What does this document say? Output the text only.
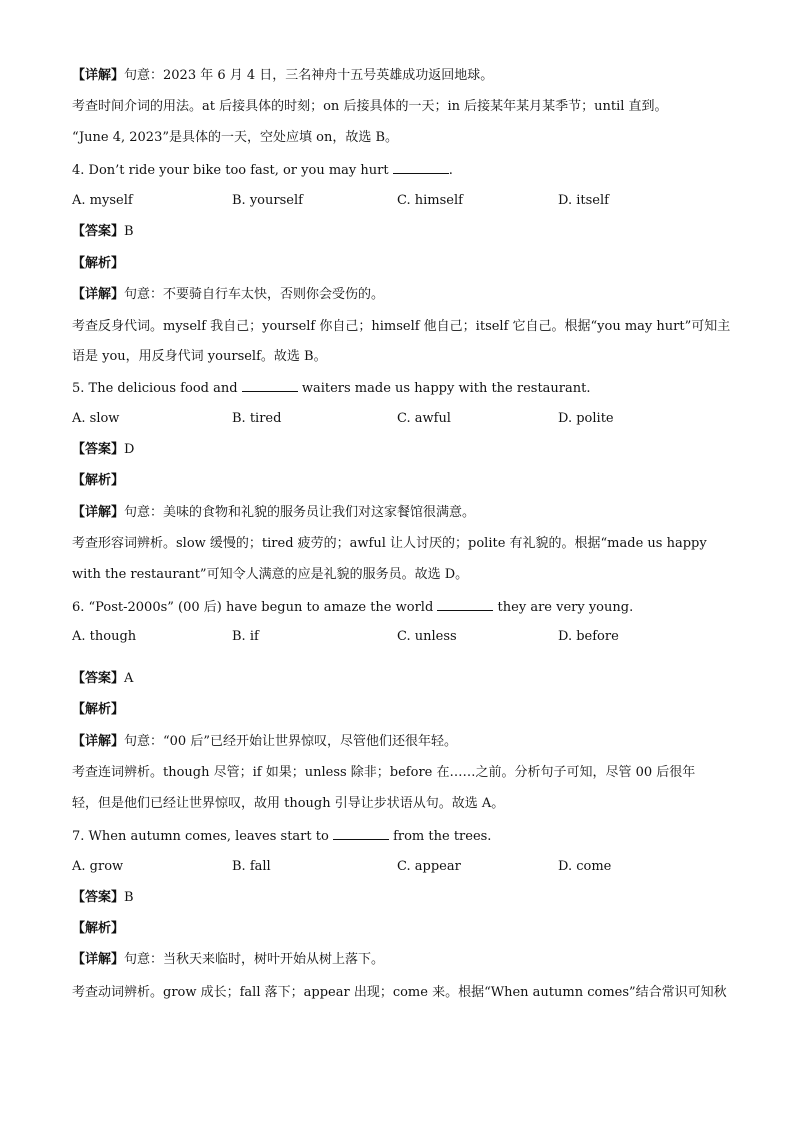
【详解】句意：2023 年 6 月 4 日，三名神舟十五号英雄成功返回地球。
考查时间介词的用法。at 后接具体的时刻；on 后接具体的一天；in 后接某年某月某季节；until 直到。
“June 4, 2023”是具体的一天，空处应填 on，故选 B。
4. Don’t ride your bike too fast, or you may hurt	.
A. myself	B. yourself	C. himself	D. itself
【答案】B
【解析】
【详解】句意：不要骑自行车太快，否则你会受伤的。
考查反身代词。myself 我自己；yourself 你自己；himself 他自己；itself 它自己。根据“you may hurt”可知主
语是 you，用反身代词 yourself。故选 B。
5. The delicious food and	waiters made us happy with the restaurant.
A. slow	B. tired	C. awful	D. polite
【答案】D
【解析】
【详解】句意：美味的食物和礼貌的服务员让我们对这家餐馆很满意。
考查形容词辨析。slow 缓慢的；tired 疲劳的；awful 让人讨厌的；polite 有礼貌的。根据“made us happy
with the restaurant”可知令人满意的应是礼貌的服务员。故选 D。
6. “Post-2000s” (00 后) have begun to amaze the world	they are very young.
A. though	B. if	C. unless	D. before
【答案】A
【解析】
【详解】句意：“00 后”已经开始让世界惊叹，尽管他们还很年轻。
考查连词辨析。though 尽管；if 如果；unless 除非；before 在……之前。分析句子可知，尽管 00 后很年
轻，但是他们已经让世界惊叹，故用 though 引导让步状语从句。故选 A。
7. When autumn comes, leaves start to	from the trees.
A. grow	B. fall	C. appear	D. come
【答案】B
【解析】
【详解】句意：当秋天来临时，树叶开始从树上落下。
考查动词辨析。grow 成长；fall 落下；appear 出现；come 来。根据“When autumn comes”结合常识可知秋
